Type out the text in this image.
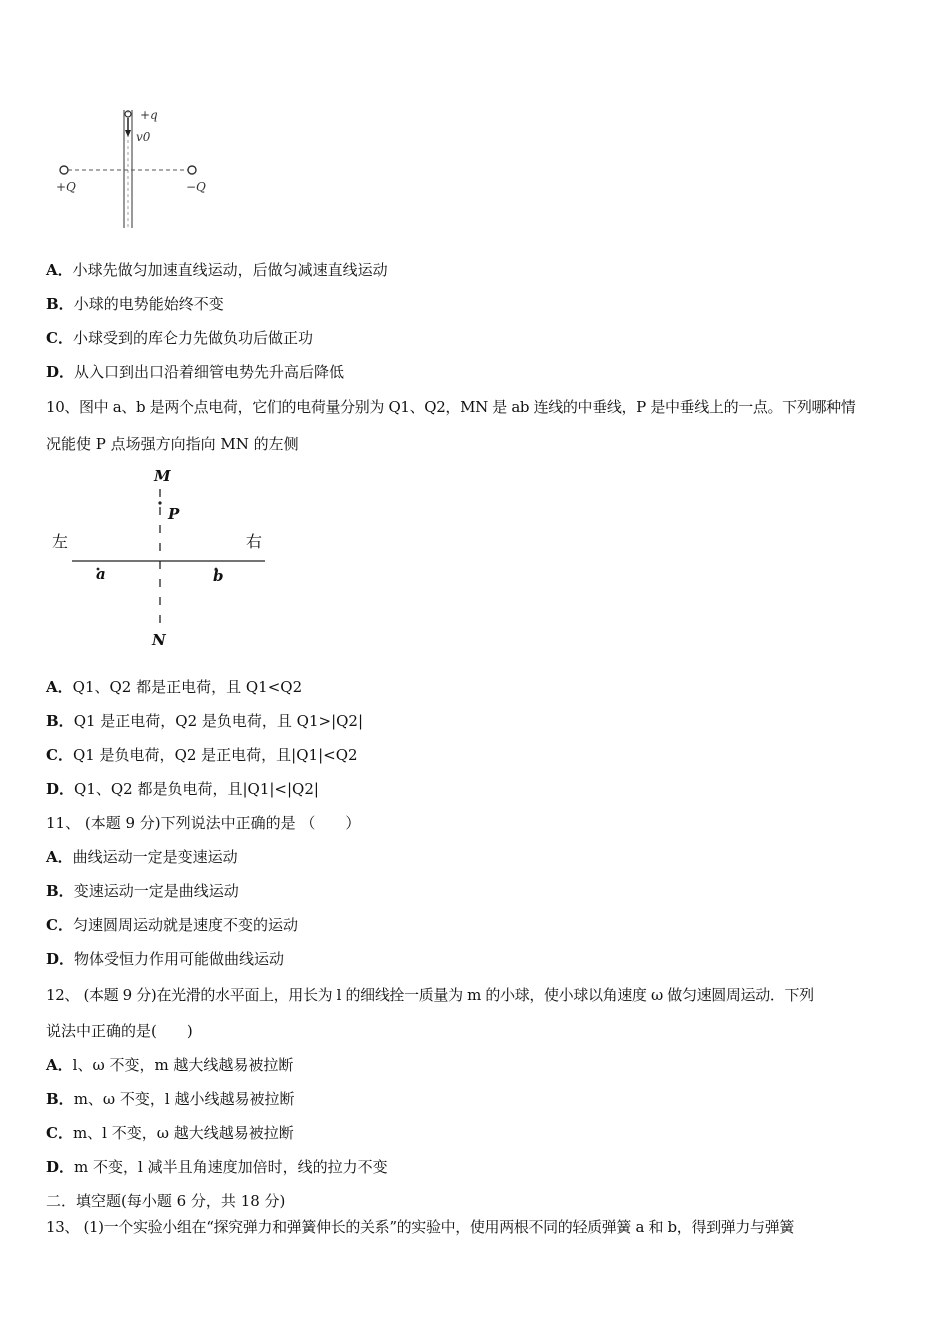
+q
v0
+Q	−Q
A．小球先做匀加速直线运动，后做匀减速直线运动
B．小球的电势能始终不变
C．小球受到的库仑力先做负功后做正功
D．从入口到出口沿着细管电势先升高后降低
10、图中 a、b 是两个点电荷，它们的电荷量分别为 Q1、Q2，MN 是 ab 连线的中垂线，P 是中垂线上的一点。下列哪种情
况能使 P 点场强方向指向 MN 的左侧
M
P
左	右
a	b
N
A．Q1、Q2 都是正电荷，且 Q1<Q2
B．Q1 是正电荷，Q2 是负电荷，且 Q1>|Q2|
C．Q1 是负电荷，Q2 是正电荷，且|Q1|<Q2
D．Q1、Q2 都是负电荷，且|Q1|<|Q2|
11、 (本题 9 分)下列说法中正确的是 （　　）
A．曲线运动一定是变速运动
B．变速运动一定是曲线运动
C．匀速圆周运动就是速度不变的运动
D．物体受恒力作用可能做曲线运动
12、 (本题 9 分)在光滑的水平面上，用长为 l 的细线拴一质量为 m 的小球，使小球以角速度 ω 做匀速圆周运动．下列
说法中正确的是(　　)
A．l、ω 不变，m 越大线越易被拉断
B．m、ω 不变，l 越小线越易被拉断
C．m、l 不变，ω 越大线越易被拉断
D．m 不变，l 减半且角速度加倍时，线的拉力不变
二．填空题(每小题 6 分，共 18 分)
13、 (1)一个实验小组在“探究弹力和弹簧伸长的关系”的实验中，使用两根不同的轻质弹簧 a 和 b，得到弹力与弹簧
